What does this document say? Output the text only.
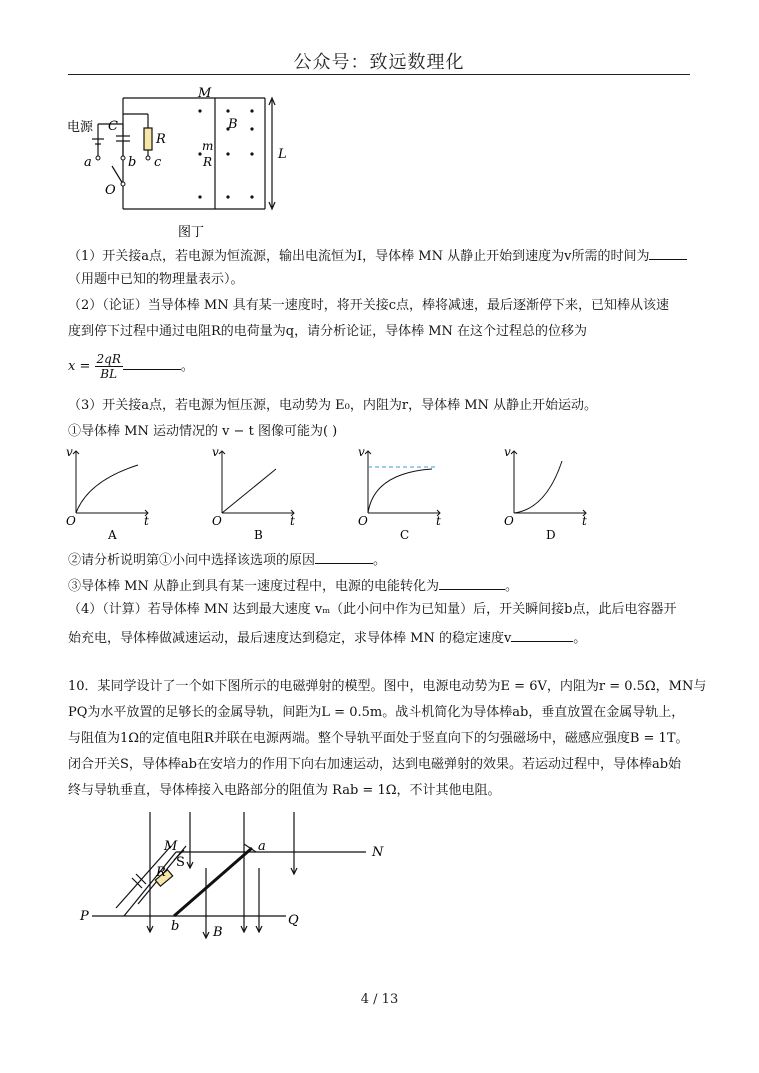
公众号：致远数理化
M
电源 C
R
a	b c
O
B
m
R	L
图丁
（1）开关接a点，若电源为恒流源，输出电流恒为I，导体棒 MN 从静止开始到速度为v所需的时间为
（用题中已知的物理量表示）。
（2）（论证）当导体棒 MN 具有某一速度时，将开关接c点，棒将减速，最后逐渐停下来，已知棒从该速
度到停下过程中通过电阻R的电荷量为q，请分析论证，导体棒 MN 在这个过程总的位移为
$x = \frac{2qR}{BL}$	。
（3）开关接a点，若电源为恒压源，电动势为 E₀，内阻为r，导体棒 MN 从静止开始运动。
①导体棒 MN 运动情况的 v − t 图像可能为( )
v
t
O
v
t
O
v
t
O
v
t
O
A	B	C	D
②请分析说明第①小问中选择该选项的原因	。
③导体棒 MN 从静止到具有某一速度过程中，电源的电能转化为	。
（4）（计算）若导体棒 MN 达到最大速度 vₘ（此小问中作为已知量）后，开关瞬间接b点，此后电容器开
始充电，导体棒做减速运动，最后速度达到稳定，求导体棒 MN 的稳定速度v	。
10．某同学设计了一个如下图所示的电磁弹射的模型。图中，电源电动势为E = 6V，内阻为r = 0.5Ω，MN与
PQ为水平放置的足够长的金属导轨，间距为L = 0.5m。战斗机简化为导体棒ab，垂直放置在金属导轨上，
与阻值为1Ω的定值电阻R并联在电源两端。整个导轨平面处于竖直向下的匀强磁场中，磁感应强度B = 1T。
闭合开关S，导体棒ab在安培力的作用下向右加速运动，达到电磁弹射的效果。若运动过程中，导体棒ab始
终与导轨垂直，导体棒接入电路部分的阻值为 Rab = 1Ω，不计其他电阻。
M
S
R
a	N
P
b	B
Q
4 / 13
